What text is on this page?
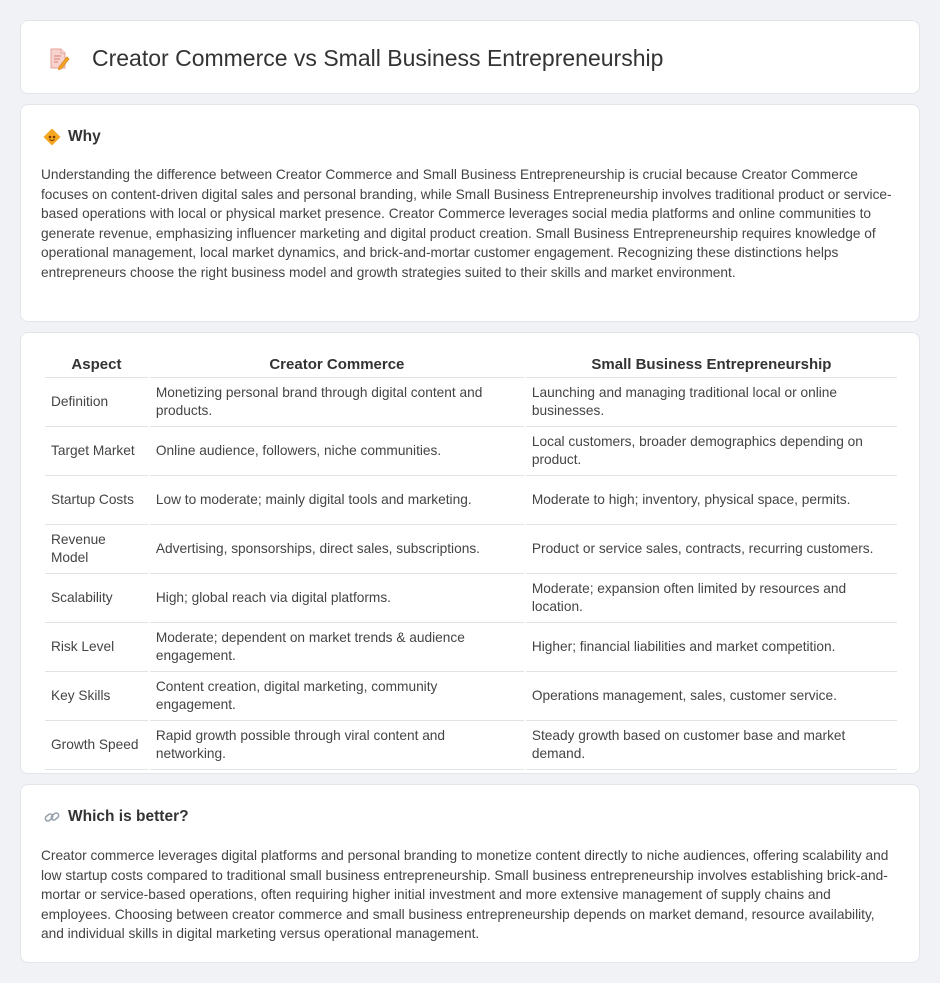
Creator Commerce vs Small Business Entrepreneurship
Why

Understanding the difference between Creator Commerce and Small Business Entrepreneurship is crucial because Creator Commerce focuses on content-driven digital sales and personal branding, while Small Business Entrepreneurship involves traditional product or service-based operations with local or physical market presence. Creator Commerce leverages social media platforms and online communities to generate revenue, emphasizing influencer marketing and digital product creation. Small Business Entrepreneurship requires knowledge of operational management, local market dynamics, and brick-and-mortar customer engagement. Recognizing these distinctions helps entrepreneurs choose the right business model and growth strategies suited to their skills and market environment.

Aspect	Creator Commerce	Small Business Entrepreneurship
Definition	Monetizing personal brand through digital content and products.	Launching and managing traditional local or online businesses.
Target Market	Online audience, followers, niche communities.	Local customers, broader demographics depending on product.
Startup Costs	Low to moderate; mainly digital tools and marketing.	Moderate to high; inventory, physical space, permits.
Revenue Model	Advertising, sponsorships, direct sales, subscriptions.	Product or service sales, contracts, recurring customers.
Scalability	High; global reach via digital platforms.	Moderate; expansion often limited by resources and location.
Risk Level	Moderate; dependent on market trends & audience engagement.	Higher; financial liabilities and market competition.
Key Skills	Content creation, digital marketing, community engagement.	Operations management, sales, customer service.
Growth Speed	Rapid growth possible through viral content and networking.	Steady growth based on customer base and market demand.
Which is better?

Creator commerce leverages digital platforms and personal branding to monetize content directly to niche audiences, offering scalability and low startup costs compared to traditional small business entrepreneurship. Small business entrepreneurship involves establishing brick-and-mortar or service-based operations, often requiring higher initial investment and more extensive management of supply chains and employees. Choosing between creator commerce and small business entrepreneurship depends on market demand, resource availability, and individual skills in digital marketing versus operational management.
